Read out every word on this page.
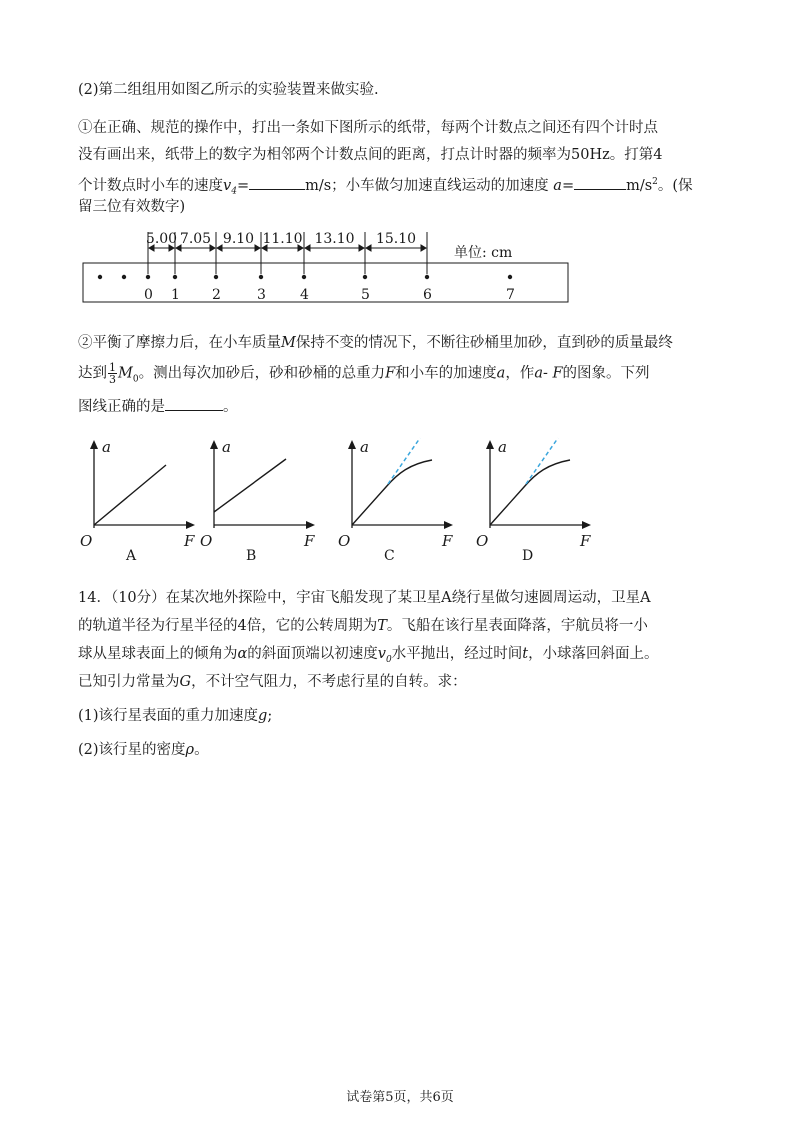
(2)第二组组用如图乙所示的实验装置来做实验.
①在正确、规范的操作中，打出一条如下图所示的纸带，每两个计数点之间还有四个计时点
没有画出来，纸带上的数字为相邻两个计数点间的距离，打点计时器的频率为50Hz。打第4
个计数点时小车的速度$v_4=$	m/s；小车做匀加速直线运动的加速度 a=	$m/s^2$。(保
留三位有效数字)
5.00 7.05 9.10 11.10 13.10 15.10
0 1 2	3 4	5	6	7
单位: cm
②平衡了摩擦力后，在小车质量M保持不变的情况下，不断往砂桶里加砂，直到砂的质量最终
达到 $\frac{1}{3} M_0$。测出每次加砂后，砂和砂桶的总重力F和小车的加速度a，作a- F的图象。下列
图线正确的是	。
a
F
O
A
a
F
O
B
a
F
O
C
a
F
O
D
14．（10分）在某次地外探险中，宇宙飞船发现了某卫星A绕行星做匀速圆周运动，卫星A
的轨道半径为行星半径的4倍，它的公转周期为T。飞船在该行星表面降落，宇航员将一小
球从星球表面上的倾角为α的斜面顶端以初速度$v_0$水平抛出，经过时间t，小球落回斜面上。
已知引力常量为G，不计空气阻力，不考虑行星的自转。求：
(1)该行星表面的重力加速度g;
(2)该行星的密度ρ。
试卷第5页，共6页
